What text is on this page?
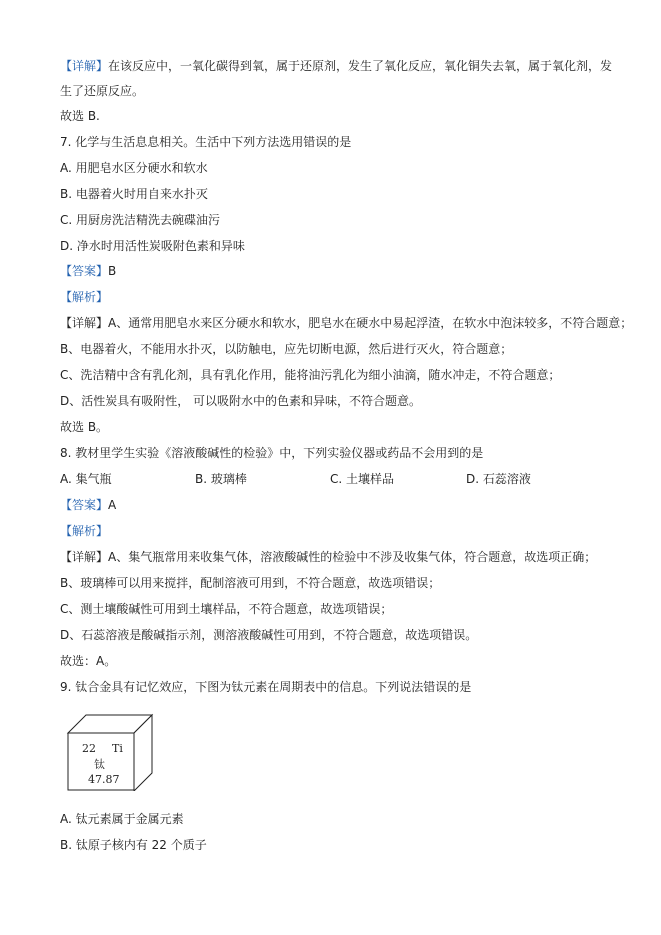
【详解】在该反应中，一氧化碳得到氧，属于还原剂，发生了氧化反应，氧化铜失去氧，属于氧化剂，发
生了还原反应。
故选 B.
7. 化学与生活息息相关。生活中下列方法选用错误的是
A. 用肥皂水区分硬水和软水
B. 电器着火时用自来水扑灭
C. 用厨房洗洁精洗去碗碟油污
D. 净水时用活性炭吸附色素和异味
【答案】B
【解析】
【详解】A、通常用肥皂水来区分硬水和软水，肥皂水在硬水中易起浮渣，在软水中泡沫较多，不符合题意；
B、电器着火，不能用水扑灭，以防触电，应先切断电源，然后进行灭火，符合题意；
C、洗洁精中含有乳化剂，具有乳化作用，能将油污乳化为细小油滴，随水冲走，不符合题意；
D、活性炭具有吸附性， 可以吸附水中的色素和异味，不符合题意。
故选 B。
8. 教材里学生实验《溶液酸碱性的检验》中，下列实验仪器或药品不会用到的是
A. 集气瓶	B. 玻璃棒	C. 土壤样品	D. 石蕊溶液
【答案】A
【解析】
【详解】A、集气瓶常用来收集气体，溶液酸碱性的检验中不涉及收集气体，符合题意，故选项正确；
B、玻璃棒可以用来搅拌，配制溶液可用到，不符合题意，故选项错误；
C、测土壤酸碱性可用到土壤样品，不符合题意，故选项错误；
D、石蕊溶液是酸碱指示剂，测溶液酸碱性可用到，不符合题意，故选项错误。
故选：A。
9. 钛合金具有记忆效应，下图为钛元素在周期表中的信息。下列说法错误的是
22 Ti
钛
47.87
A. 钛元素属于金属元素
B. 钛原子核内有 22 个质子
